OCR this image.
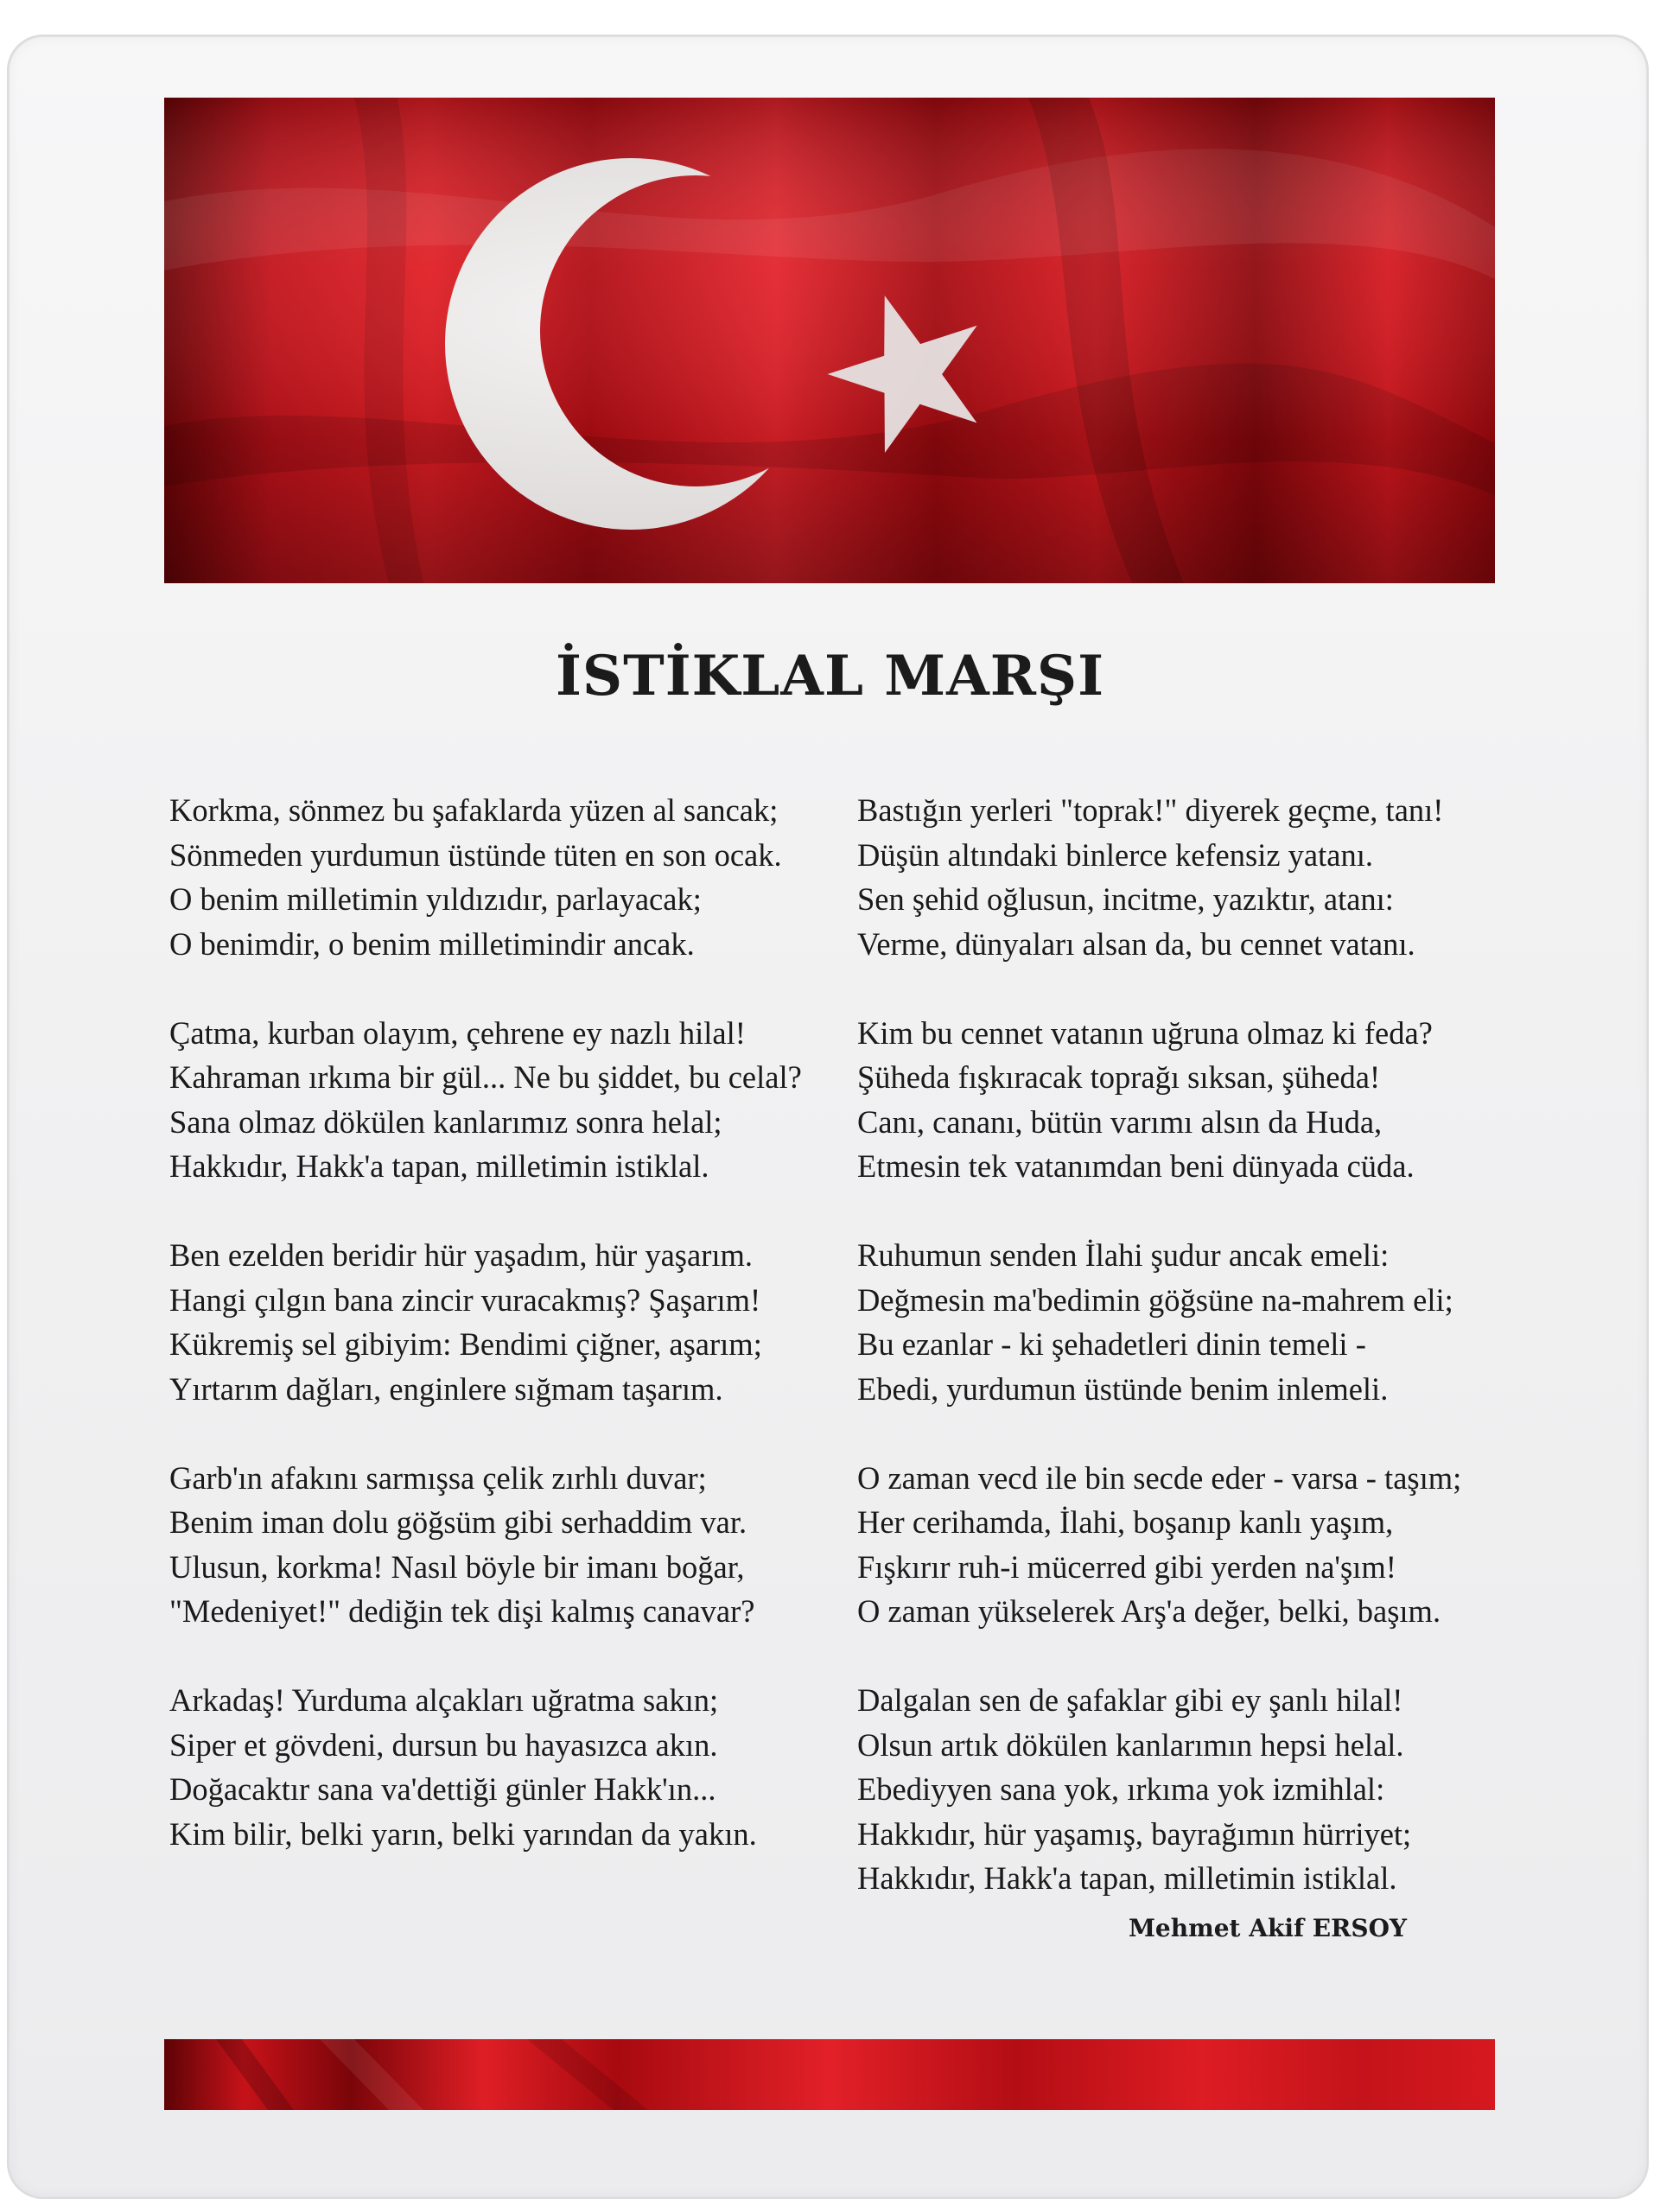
İSTİKLAL MARŞI
Korkma, sönmez bu şafaklarda yüzen al sancak;
Sönmeden yurdumun üstünde tüten en son ocak.
O benim milletimin yıldızıdır, parlayacak;
O benimdir, o benim milletimindir ancak.
Çatma, kurban olayım, çehrene ey nazlı hilal!
Kahraman ırkıma bir gül... Ne bu şiddet, bu celal?
Sana olmaz dökülen kanlarımız sonra helal;
Hakkıdır, Hakk'a tapan, milletimin istiklal.
Ben ezelden beridir hür yaşadım, hür yaşarım.
Hangi çılgın bana zincir vuracakmış? Şaşarım!
Kükremiş sel gibiyim: Bendimi çiğner, aşarım;
Yırtarım dağları, enginlere sığmam taşarım.
Garb'ın afakını sarmışsa çelik zırhlı duvar;
Benim iman dolu göğsüm gibi serhaddim var.
Ulusun, korkma! Nasıl böyle bir imanı boğar,
"Medeniyet!" dediğin tek dişi kalmış canavar?
Arkadaş! Yurduma alçakları uğratma sakın;
Siper et gövdeni, dursun bu hayasızca akın.
Doğacaktır sana va'dettiği günler Hakk'ın...
Kim bilir, belki yarın, belki yarından da yakın.
Bastığın yerleri "toprak!" diyerek geçme, tanı!
Düşün altındaki binlerce kefensiz yatanı.
Sen şehid oğlusun, incitme, yazıktır, atanı:
Verme, dünyaları alsan da, bu cennet vatanı.
Kim bu cennet vatanın uğruna olmaz ki feda?
Şüheda fışkıracak toprağı sıksan, şüheda!
Canı, cananı, bütün varımı alsın da Huda,
Etmesin tek vatanımdan beni dünyada cüda.
Ruhumun senden İlahi şudur ancak emeli:
Değmesin ma'bedimin göğsüne na-mahrem eli;
Bu ezanlar - ki şehadetleri dinin temeli -
Ebedi, yurdumun üstünde benim inlemeli.
O zaman vecd ile bin secde eder - varsa - taşım;
Her cerihamda, İlahi, boşanıp kanlı yaşım,
Fışkırır ruh-i mücerred gibi yerden na'şım!
O zaman yükselerek Arş'a değer, belki, başım.
Dalgalan sen de şafaklar gibi ey şanlı hilal!
Olsun artık dökülen kanlarımın hepsi helal.
Ebediyyen sana yok, ırkıma yok izmihlal:
Hakkıdır, hür yaşamış, bayrağımın hürriyet;
Hakkıdır, Hakk'a tapan, milletimin istiklal.
Mehmet Akif ERSOY
